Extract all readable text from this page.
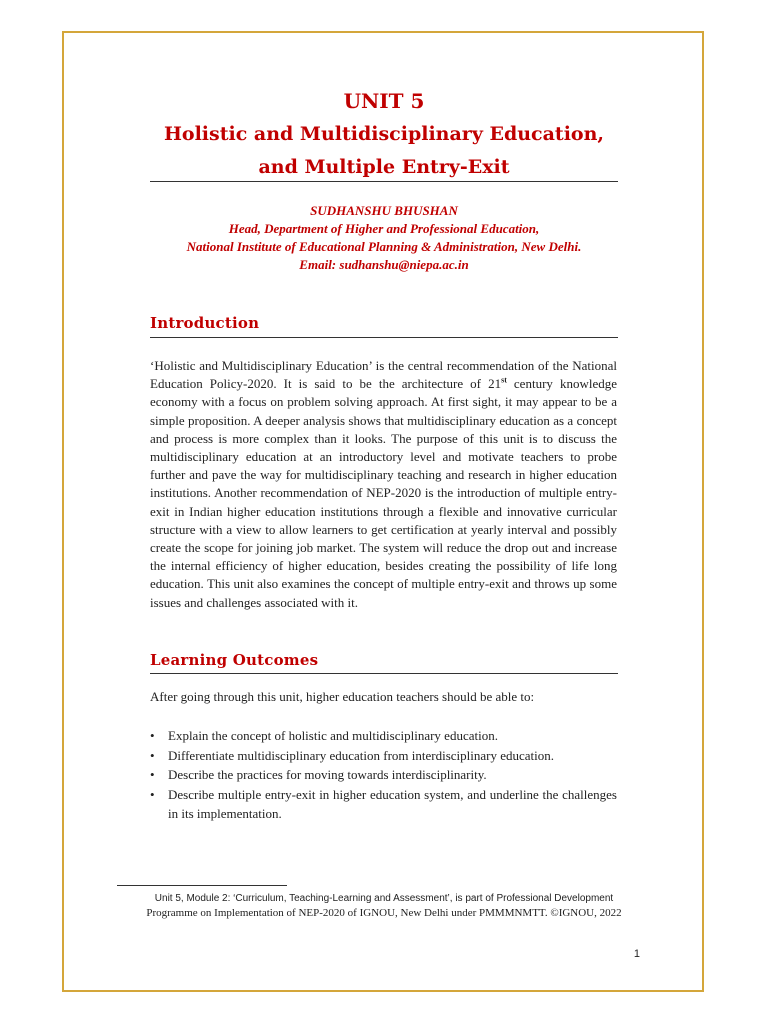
UNIT 5
Holistic and Multidisciplinary Education,
and Multiple Entry-Exit
SUDHANSHU BHUSHAN
Head, Department of Higher and Professional Education,
National Institute of Educational Planning & Administration, New Delhi.
Email: sudhanshu@niepa.ac.in
Introduction
‘Holistic and Multidisciplinary Education’ is the central recommendation of the National Education Policy-2020. It is said to be the architecture of 21st century knowledge economy with a focus on problem solving approach. At first sight, it may appear to be a simple proposition. A deeper analysis shows that multidisciplinary education as a concept and process is more complex than it looks. The purpose of this unit is to discuss the multidisciplinary education at an introductory level and motivate teachers to probe further and pave the way for multidisciplinary teaching and research in higher education institutions. Another recommendation of NEP-2020 is the introduction of multiple entry-exit in Indian higher education institutions through a flexible and innovative curricular structure with a view to allow learners to get certification at yearly interval and possibly create the scope for joining job market. The system will reduce the drop out and increase the internal efficiency of higher education, besides creating the possibility of life long education. This unit also examines the concept of multiple entry-exit and throws up some issues and challenges associated with it.
Learning Outcomes
After going through this unit, higher education teachers should be able to:
• Explain the concept of holistic and multidisciplinary education.
• Differentiate multidisciplinary education from interdisciplinary education.
• Describe the practices for moving towards interdisciplinarity.
• Describe multiple entry-exit in higher education system, and underline the challenges in its implementation.
Unit 5, Module 2: ‘Curriculum, Teaching-Learning and Assessment’, is part of Professional Development
Programme on Implementation of NEP-2020 of IGNOU, New Delhi under PMMMNMTT. ©IGNOU, 2022
1
